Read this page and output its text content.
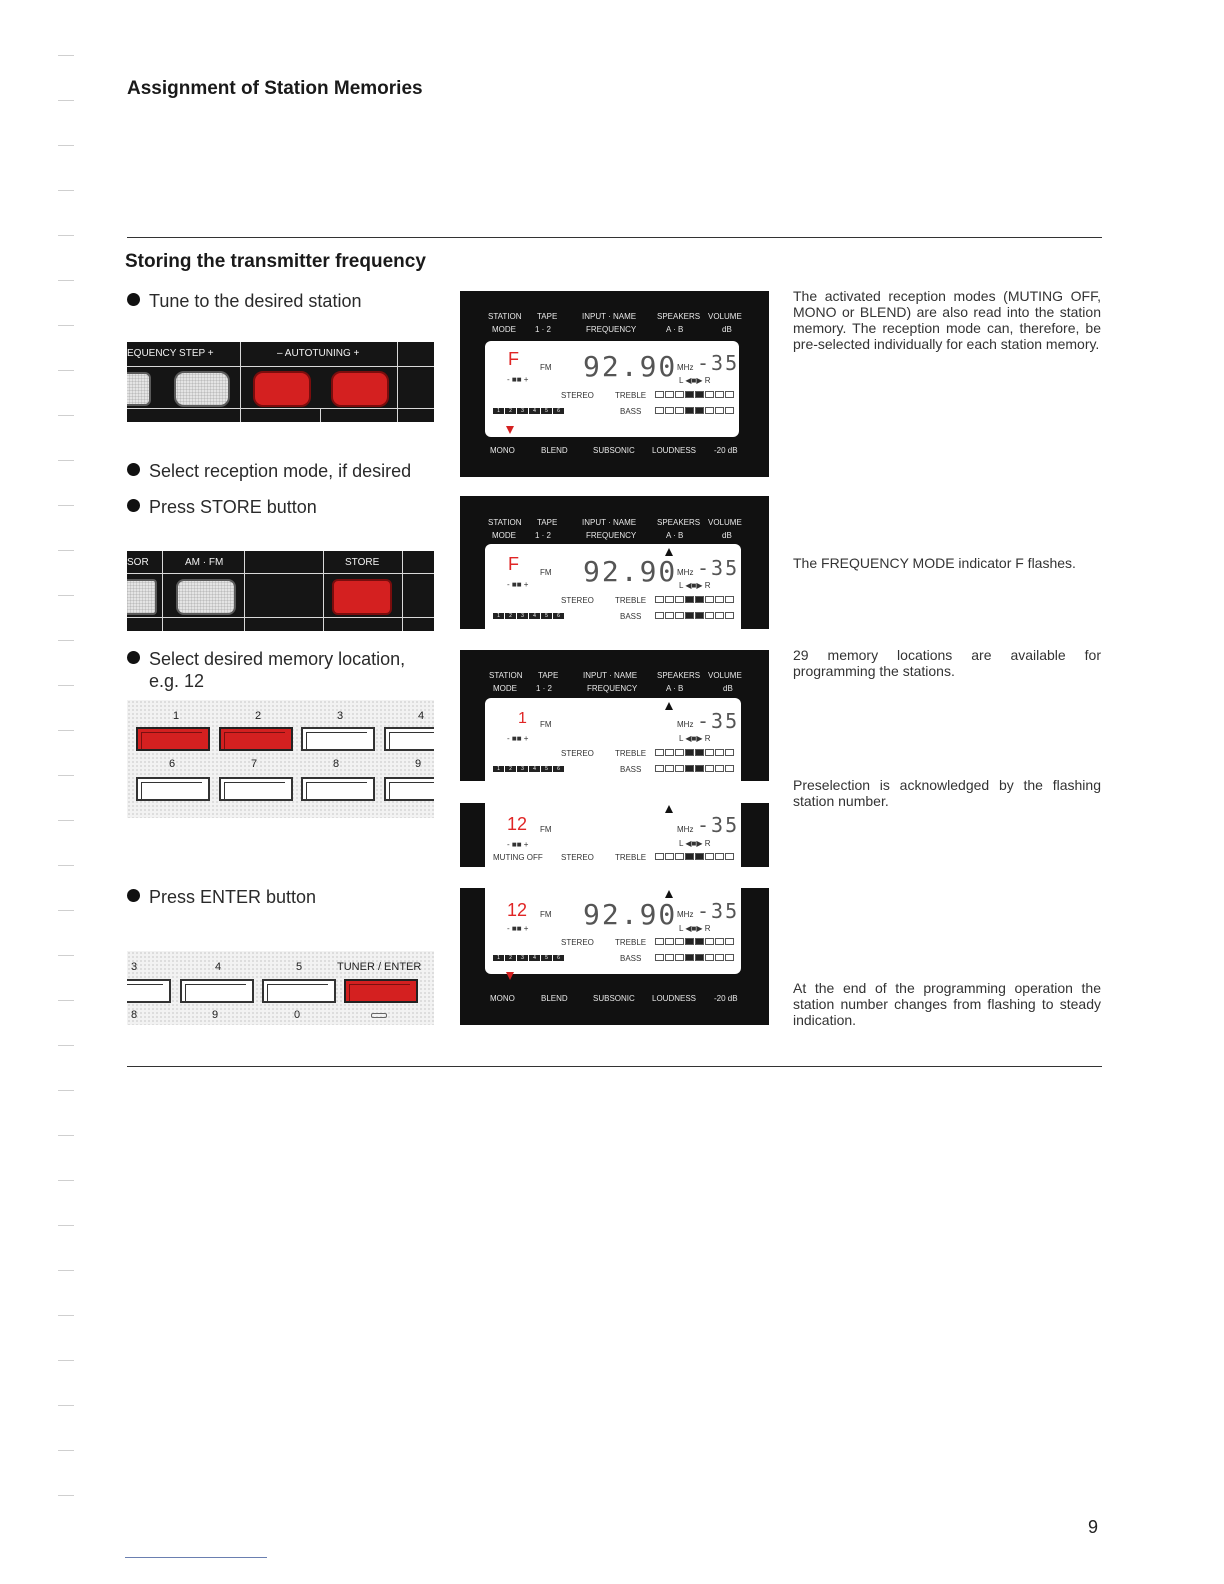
Assignment of Station Memories
Storing the transmitter frequency
Tune to the desired station
EQUENCY STEP +	– AUTOTUNING +
STATION TAPE	INPUT · NAME	SPEAKERS VOLUME
MODE 1 · 2	FREQUENCY	A · B	dB
F	FM
- ■■ + 92.90 MHz -35
L ◀■▶ R
STEREO	TREBLE
BASS
1	2	3	4	5	6
MONO	BLEND	SUBSONIC LOUDNESS -20 dB
The activated reception modes (MUTING OFF, MONO or BLEND) are also read into the station memory. The reception mode can, therefore, be pre-selected individually for each station memory.
Select reception mode, if desired
Press STORE button
SOR	AM · FM	STORE
STATION TAPE	INPUT · NAME	SPEAKERS VOLUME
MODE 1 · 2	FREQUENCY	A · B	dB
F	FM
- ■■ + 92.90 MHz -35
L ◀■▶ R
STEREO	TREBLE
BASS
1	2	3	4	5	6
The FREQUENCY MODE indicator F flashes.
Select desired memory location,
e.g. 12
1	2	3	4
6	7	8	9
STATION TAPE	INPUT · NAME SPEAKERS VOLUME
MODE 1 · 2	FREQUENCY	A · B	dB
1 FM
- ■■ +
MHz -35
L ◀■▶ R
STEREO	TREBLE
BASS
1	2	3	4	5	6
29 memory locations are available for programming the stations.
12 FM
- ■■ +
MHz -35
L ◀■▶ R
MUTING OFF STEREO	TREBLE
Preselection is acknowledged by the flashing station number.
Press ENTER button
3	4	5	TUNER / ENTER
8	9	0
12 FM
- ■■ + 92.90 MHz -35
L ◀■▶ R
STEREO	TREBLE
BASS
1	2	3	4	5	6
MONO	BLEND	SUBSONIC LOUDNESS -20 dB
At the end of the programming operation the station number changes from flashing to steady indication.
9
